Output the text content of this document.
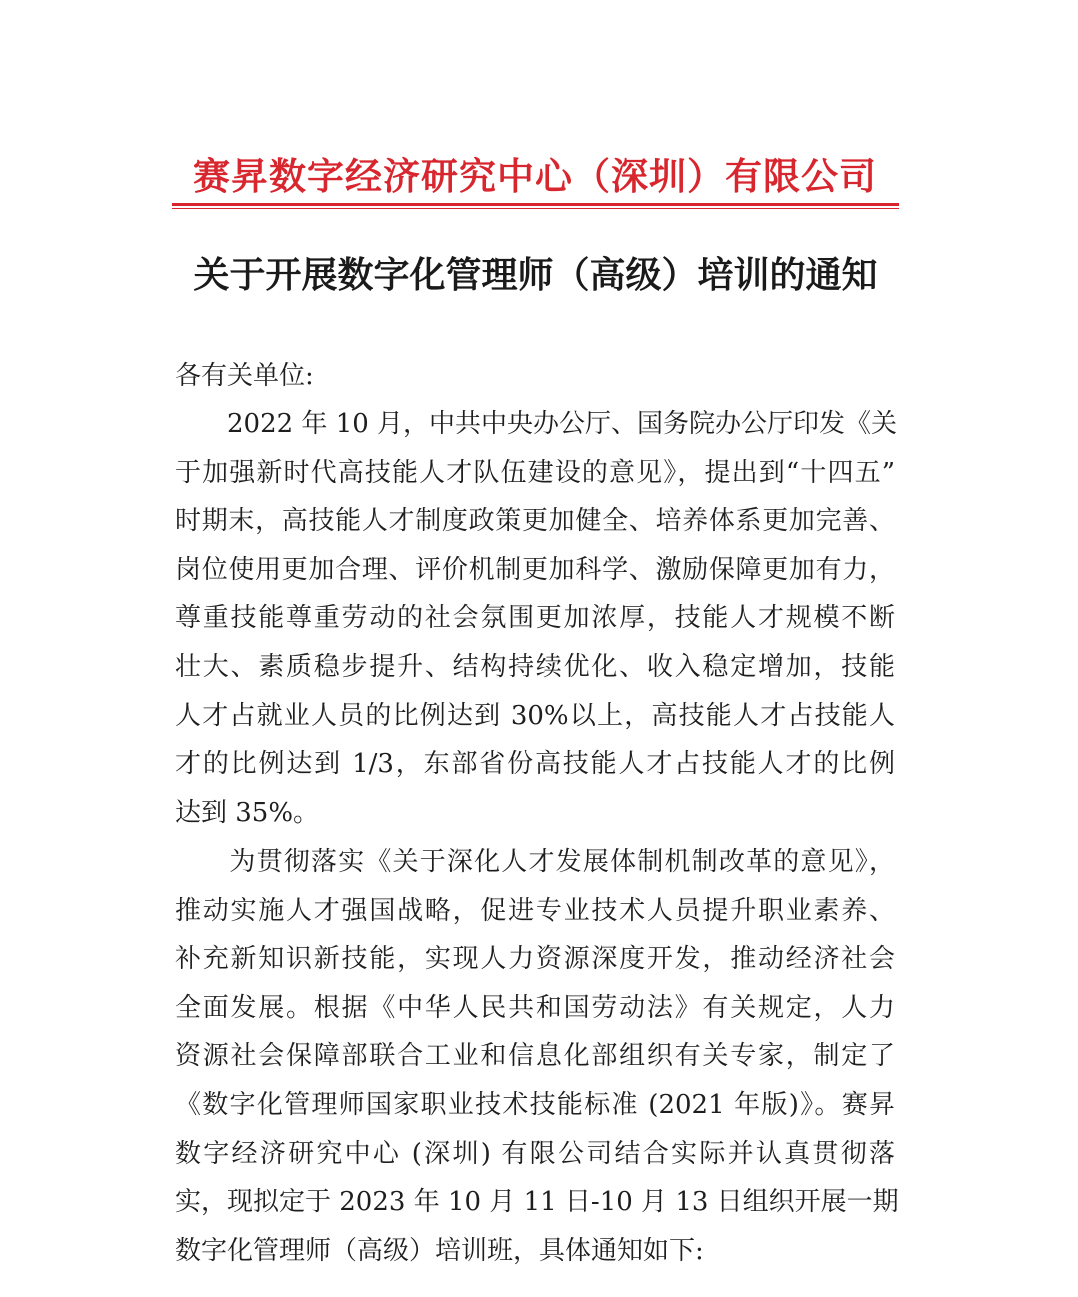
赛昇数字经济研究中心（深圳）有限公司
关于开展数字化管理师（高级）培训的通知
各有关单位:
　　2022 年 10 月，中共中央办公厅、国务院办公厅印发《关
于加强新时代高技能人才队伍建设的意见》，提出到“十四五”
时期末，高技能人才制度政策更加健全、培养体系更加完善、
岗位使用更加合理、评价机制更加科学、激励保障更加有力，
尊重技能尊重劳动的社会氛围更加浓厚，技能人才规模不断
壮大、素质稳步提升、结构持续优化、收入稳定增加，技能
人才占就业人员的比例达到 30%以上，高技能人才占技能人
才的比例达到 1/3，东部省份高技能人才占技能人才的比例
达到 35%。
　　为贯彻落实《关于深化人才发展体制机制改革的意见》，
推动实施人才强国战略，促进专业技术人员提升职业素养、
补充新知识新技能，实现人力资源深度开发，推动经济社会
全面发展。根据《中华人民共和国劳动法》有关规定，人力
资源社会保障部联合工业和信息化部组织有关专家，制定了
《数字化管理师国家职业技术技能标准 (2021 年版)》。赛昇
数字经济研究中心 (深圳) 有限公司结合实际并认真贯彻落
实，现拟定于 2023 年 10 月 11 日-10 月 13 日组织开展一期
数字化管理师（高级）培训班，具体通知如下:
